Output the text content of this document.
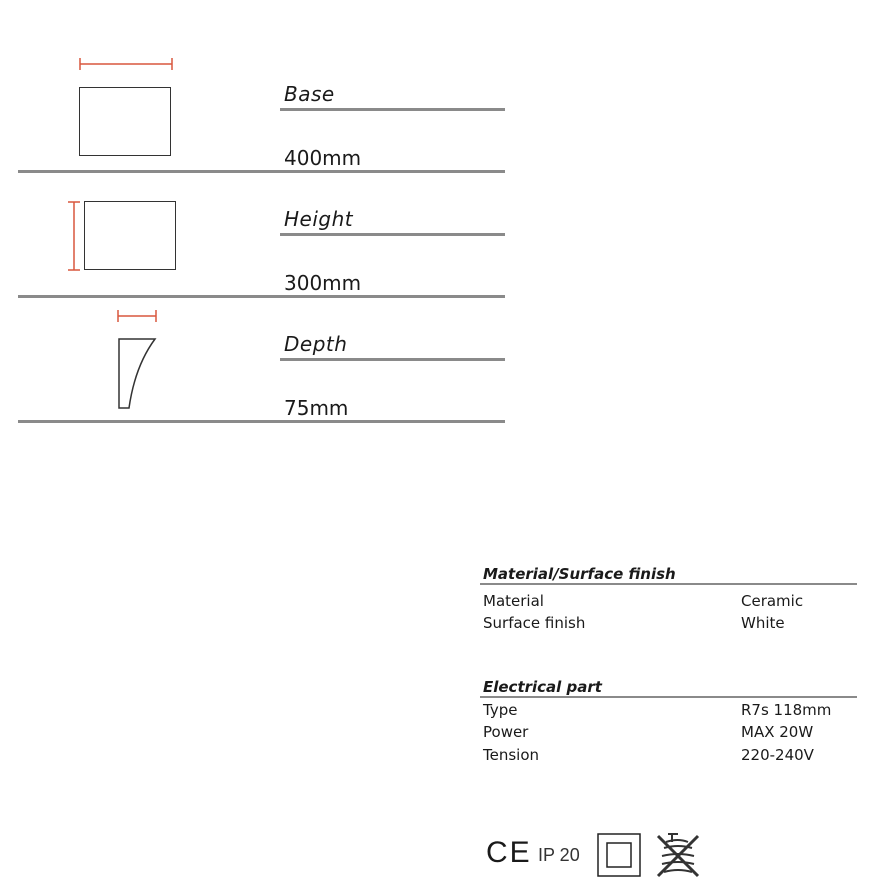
Base
400mm
Height
300mm
Depth
75mm
Material/Surface finish
Material	Ceramic
Surface finish	White
Electrical part
Type	R7s 118mm
Power	MAX 20W
Tension	220-240V
CE IP 20
